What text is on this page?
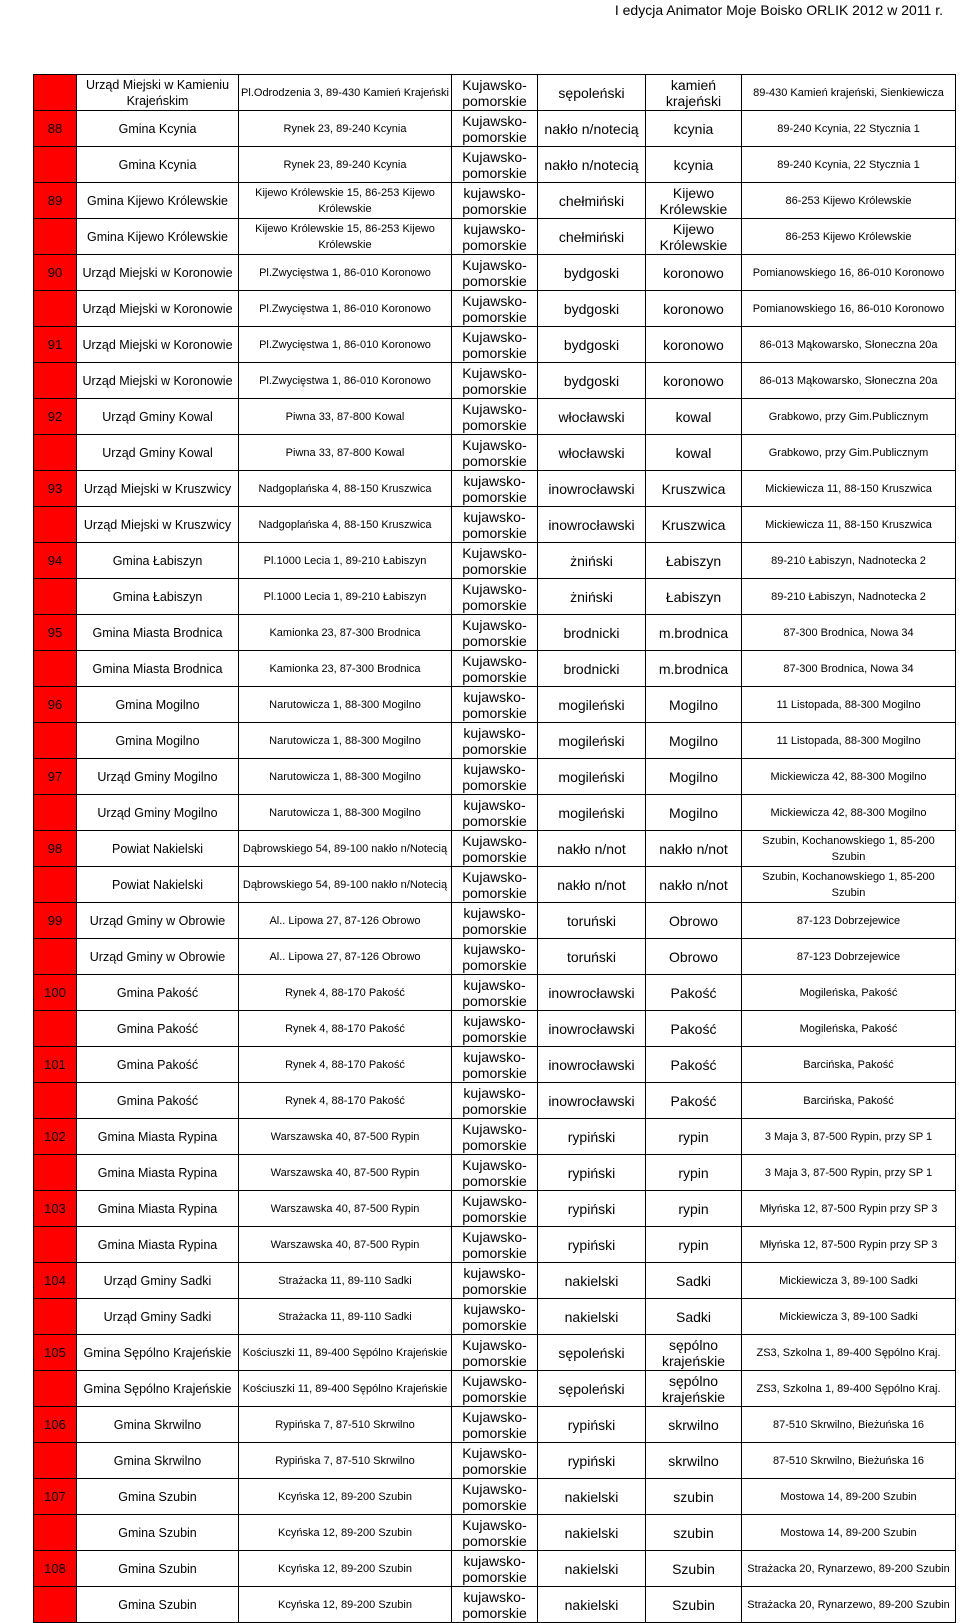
I edycja Animator Moje Boisko ORLIK 2012 w 2011 r.
	Urząd Miejski w Kamieniu Krajeńskim	Pl.Odrodzenia 3, 89-430 Kamień Krajeński	Kujawsko-pomorskie	sępoleński	kamień krajeński	89-430 Kamień krajeński, Sienkiewicza
88	Gmina Kcynia	Rynek 23, 89-240 Kcynia	Kujawsko-pomorskie	nakło n/notecią	kcynia	89-240 Kcynia, 22 Stycznia 1
	Gmina Kcynia	Rynek 23, 89-240 Kcynia	Kujawsko-pomorskie	nakło n/notecią	kcynia	89-240 Kcynia, 22 Stycznia 1
89	Gmina Kijewo Królewskie	Kijewo Królewskie 15, 86-253 Kijewo Królewskie	kujawsko-pomorskie	chełmiński	Kijewo Królewskie	86-253 Kijewo Królewskie
	Gmina Kijewo Królewskie	Kijewo Królewskie 15, 86-253 Kijewo Królewskie	kujawsko-pomorskie	chełmiński	Kijewo Królewskie	86-253 Kijewo Królewskie
90	Urząd Miejski w Koronowie	Pl.Zwycięstwa 1, 86-010 Koronowo	Kujawsko-pomorskie	bydgoski	koronowo	Pomianowskiego 16, 86-010 Koronowo
	Urząd Miejski w Koronowie	Pl.Zwycięstwa 1, 86-010 Koronowo	Kujawsko-pomorskie	bydgoski	koronowo	Pomianowskiego 16, 86-010 Koronowo
91	Urząd Miejski w Koronowie	Pl.Zwycięstwa 1, 86-010 Koronowo	Kujawsko-pomorskie	bydgoski	koronowo	86-013 Mąkowarsko, Słoneczna 20a
	Urząd Miejski w Koronowie	Pl.Zwycięstwa 1, 86-010 Koronowo	Kujawsko-pomorskie	bydgoski	koronowo	86-013 Mąkowarsko, Słoneczna 20a
92	Urząd Gminy Kowal	Piwna 33, 87-800 Kowal	Kujawsko-pomorskie	włocławski	kowal	Grabkowo, przy Gim.Publicznym
	Urząd Gminy Kowal	Piwna 33, 87-800 Kowal	Kujawsko-pomorskie	włocławski	kowal	Grabkowo, przy Gim.Publicznym
93	Urząd Miejski w Kruszwicy	Nadgoplańska 4, 88-150 Kruszwica	kujawsko-pomorskie	inowrocławski	Kruszwica	Mickiewicza 11, 88-150 Kruszwica
	Urząd Miejski w Kruszwicy	Nadgoplańska 4, 88-150 Kruszwica	kujawsko-pomorskie	inowrocławski	Kruszwica	Mickiewicza 11, 88-150 Kruszwica
94	Gmina Łabiszyn	Pl.1000 Lecia 1, 89-210 Łabiszyn	Kujawsko-pomorskie	żniński	Łabiszyn	89-210 Łabiszyn, Nadnotecka 2
	Gmina Łabiszyn	Pl.1000 Lecia 1, 89-210 Łabiszyn	Kujawsko-pomorskie	żniński	Łabiszyn	89-210 Łabiszyn, Nadnotecka 2
95	Gmina Miasta Brodnica	Kamionka 23, 87-300 Brodnica	Kujawsko-pomorskie	brodnicki	m.brodnica	87-300 Brodnica, Nowa 34
	Gmina Miasta Brodnica	Kamionka 23, 87-300 Brodnica	Kujawsko-pomorskie	brodnicki	m.brodnica	87-300 Brodnica, Nowa 34
96	Gmina Mogilno	Narutowicza 1, 88-300 Mogilno	kujawsko-pomorskie	mogileński	Mogilno	11 Listopada, 88-300 Mogilno
	Gmina Mogilno	Narutowicza 1, 88-300 Mogilno	kujawsko-pomorskie	mogileński	Mogilno	11 Listopada, 88-300 Mogilno
97	Urząd Gminy Mogilno	Narutowicza 1, 88-300 Mogilno	kujawsko-pomorskie	mogileński	Mogilno	Mickiewicza 42, 88-300 Mogilno
	Urząd Gminy Mogilno	Narutowicza 1, 88-300 Mogilno	kujawsko-pomorskie	mogileński	Mogilno	Mickiewicza 42, 88-300 Mogilno
98	Powiat Nakielski	Dąbrowskiego 54, 89-100 nakło n/Notecią	Kujawsko-pomorskie	nakło n/not	nakło n/not	Szubin, Kochanowskiego 1, 85-200 Szubin
	Powiat Nakielski	Dąbrowskiego 54, 89-100 nakło n/Notecią	Kujawsko-pomorskie	nakło n/not	nakło n/not	Szubin, Kochanowskiego 1, 85-200 Szubin
99	Urząd Gminy w Obrowie	Al.. Lipowa 27, 87-126 Obrowo	kujawsko-pomorskie	toruński	Obrowo	87-123 Dobrzejewice
	Urząd Gminy w Obrowie	Al.. Lipowa 27, 87-126 Obrowo	kujawsko-pomorskie	toruński	Obrowo	87-123 Dobrzejewice
100	Gmina Pakość	Rynek 4, 88-170 Pakość	kujawsko-pomorskie	inowrocławski	Pakość	Mogileńska, Pakość
	Gmina Pakość	Rynek 4, 88-170 Pakość	kujawsko-pomorskie	inowrocławski	Pakość	Mogileńska, Pakość
101	Gmina Pakość	Rynek 4, 88-170 Pakość	kujawsko-pomorskie	inowrocławski	Pakość	Barcińska, Pakość
	Gmina Pakość	Rynek 4, 88-170 Pakość	kujawsko-pomorskie	inowrocławski	Pakość	Barcińska, Pakość
102	Gmina Miasta Rypina	Warszawska 40, 87-500 Rypin	Kujawsko-pomorskie	rypiński	rypin	3 Maja 3, 87-500 Rypin, przy SP 1
	Gmina Miasta Rypina	Warszawska 40, 87-500 Rypin	Kujawsko-pomorskie	rypiński	rypin	3 Maja 3, 87-500 Rypin, przy SP 1
103	Gmina Miasta Rypina	Warszawska 40, 87-500 Rypin	Kujawsko-pomorskie	rypiński	rypin	Młyńska 12, 87-500 Rypin przy SP 3
	Gmina Miasta Rypina	Warszawska 40, 87-500 Rypin	Kujawsko-pomorskie	rypiński	rypin	Młyńska 12, 87-500 Rypin przy SP 3
104	Urząd Gminy Sadki	Strażacka 11, 89-110 Sadki	kujawsko-pomorskie	nakielski	Sadki	Mickiewicza 3, 89-100 Sadki
	Urząd Gminy Sadki	Strażacka 11, 89-110 Sadki	kujawsko-pomorskie	nakielski	Sadki	Mickiewicza 3, 89-100 Sadki
105	Gmina Sępólno Krajeńskie	Kościuszki 11, 89-400 Sępólno Krajeńskie	Kujawsko-pomorskie	sępoleński	sępólno krajeńskie	ZS3, Szkolna 1, 89-400 Sępólno Kraj.
	Gmina Sępólno Krajeńskie	Kościuszki 11, 89-400 Sępólno Krajeńskie	Kujawsko-pomorskie	sępoleński	sępólno krajeńskie	ZS3, Szkolna 1, 89-400 Sępólno Kraj.
106	Gmina Skrwilno	Rypińska 7, 87-510 Skrwilno	Kujawsko-pomorskie	rypiński	skrwilno	87-510 Skrwilno, Bieżuńska 16
	Gmina Skrwilno	Rypińska 7, 87-510 Skrwilno	Kujawsko-pomorskie	rypiński	skrwilno	87-510 Skrwilno, Bieżuńska 16
107	Gmina Szubin	Kcyńska 12, 89-200 Szubin	Kujawsko-pomorskie	nakielski	szubin	Mostowa 14, 89-200 Szubin
	Gmina Szubin	Kcyńska 12, 89-200 Szubin	Kujawsko-pomorskie	nakielski	szubin	Mostowa 14, 89-200 Szubin
108	Gmina Szubin	Kcyńska 12, 89-200 Szubin	kujawsko-pomorskie	nakielski	Szubin	Strażacka 20, Rynarzewo, 89-200 Szubin
	Gmina Szubin	Kcyńska 12, 89-200 Szubin	kujawsko-pomorskie	nakielski	Szubin	Strażacka 20, Rynarzewo, 89-200 Szubin
